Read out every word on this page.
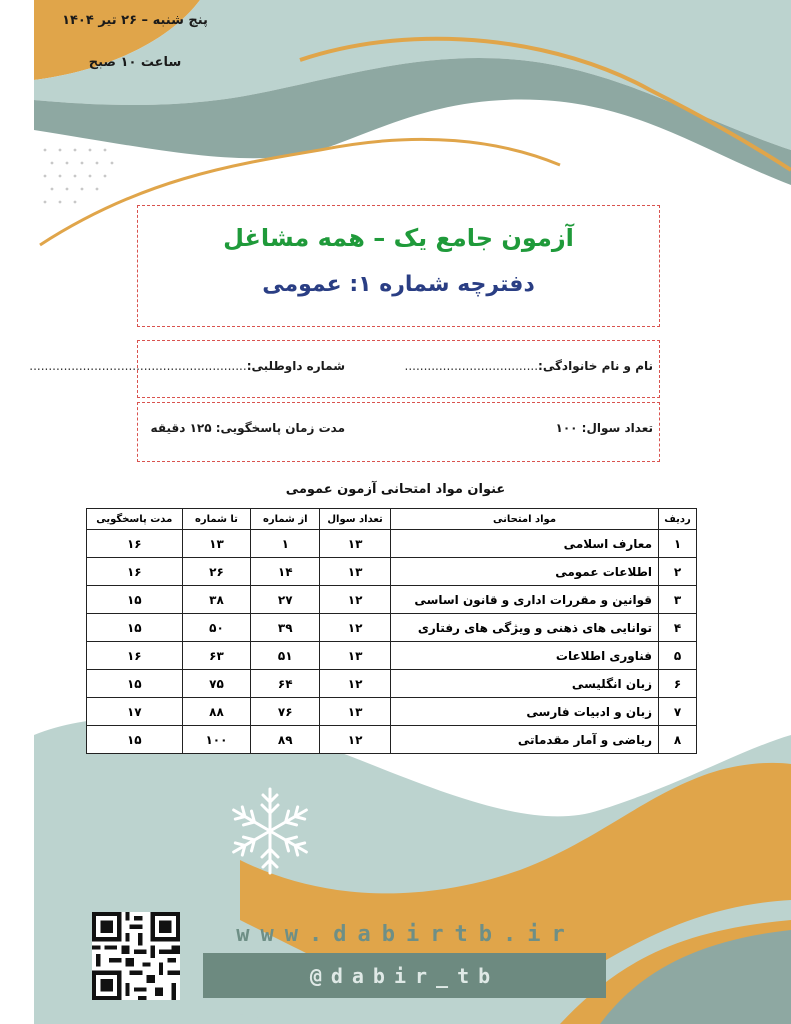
پنج شنبه – ۲۶ تیر ۱۴۰۴
ساعت ۱۰ صبح
آزمون جامع یک – همه مشاغل
دفترچه شماره ۱: عمومی
نام و نام خانوادگی:...................................
شماره داوطلبی:.........................................................
تعداد سوال: ۱۰۰
مدت زمان پاسخگویی: ۱۲۵ دقیقه
عنوان مواد امتحانی آزمون عمومی
ردیف	مواد امتحانی	تعداد سوال	از شماره	تا شماره	مدت پاسخگویی
۱	معارف اسلامی	۱۳	۱	۱۳	۱۶
۲	اطلاعات عمومی	۱۳	۱۴	۲۶	۱۶
۳	قوانین و مقررات اداری و قانون اساسی	۱۲	۲۷	۳۸	۱۵
۴	توانایی های ذهنی و ویژگی های رفتاری	۱۲	۳۹	۵۰	۱۵
۵	فناوری اطلاعات	۱۳	۵۱	۶۳	۱۶
۶	زبان انگلیسی	۱۲	۶۴	۷۵	۱۵
۷	زبان و ادبیات فارسی	۱۳	۷۶	۸۸	۱۷
۸	ریاضی و آمار مقدماتی	۱۲	۸۹	۱۰۰	۱۵
www.dabirtb.ir
@dabir_tb
